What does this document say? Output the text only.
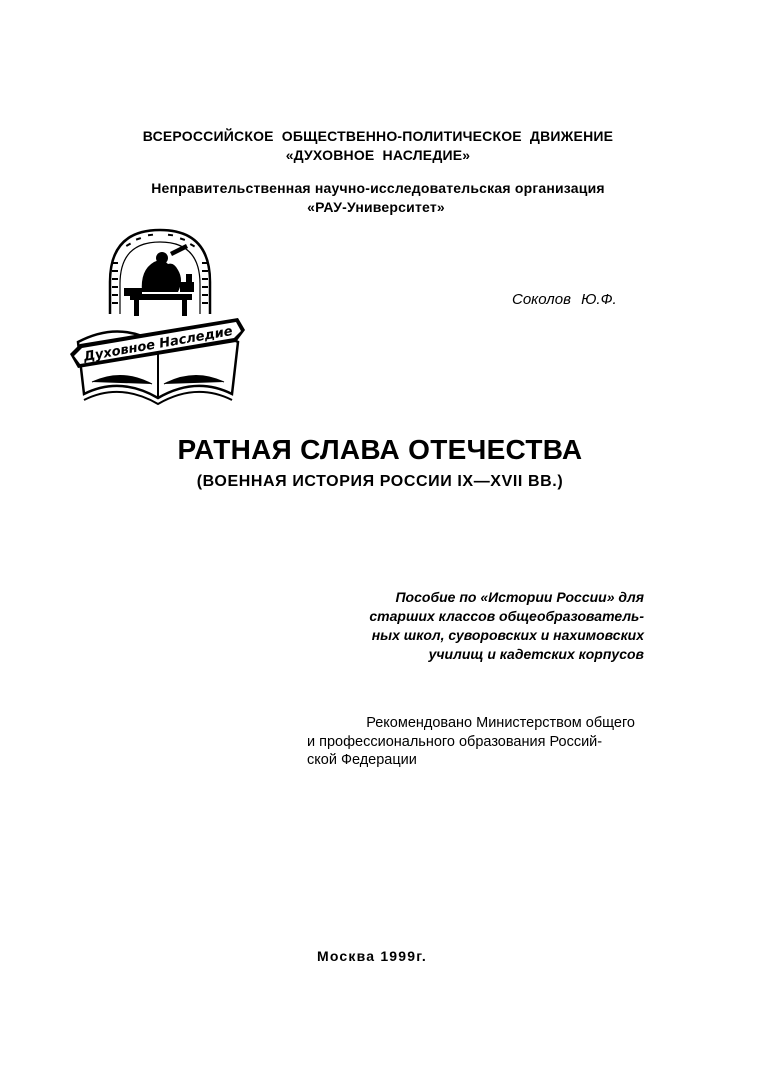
ВСЕРОССИЙСКОЕ ОБЩЕСТВЕННО-ПОЛИТИЧЕСКОЕ ДВИЖЕНИЕ
«ДУХОВНОЕ НАСЛЕДИЕ»
Неправительственная научно-исследовательская организация
«РАУ-Университет»
Духовное Наследие
Соколов Ю.Ф.
РАТНАЯ СЛАВА ОТЕЧЕСТВА
(ВОЕННАЯ ИСТОРИЯ РОССИИ IX—XVII ВВ.)
Пособие по «Истории России» для
старших классов общеобразователь-
ных школ, суворовских и нахимовских
училищ и кадетских корпусов
Рекомендовано Министерством общего
и профессионального образования Россий-
ской Федерации
Москва 1999г.
